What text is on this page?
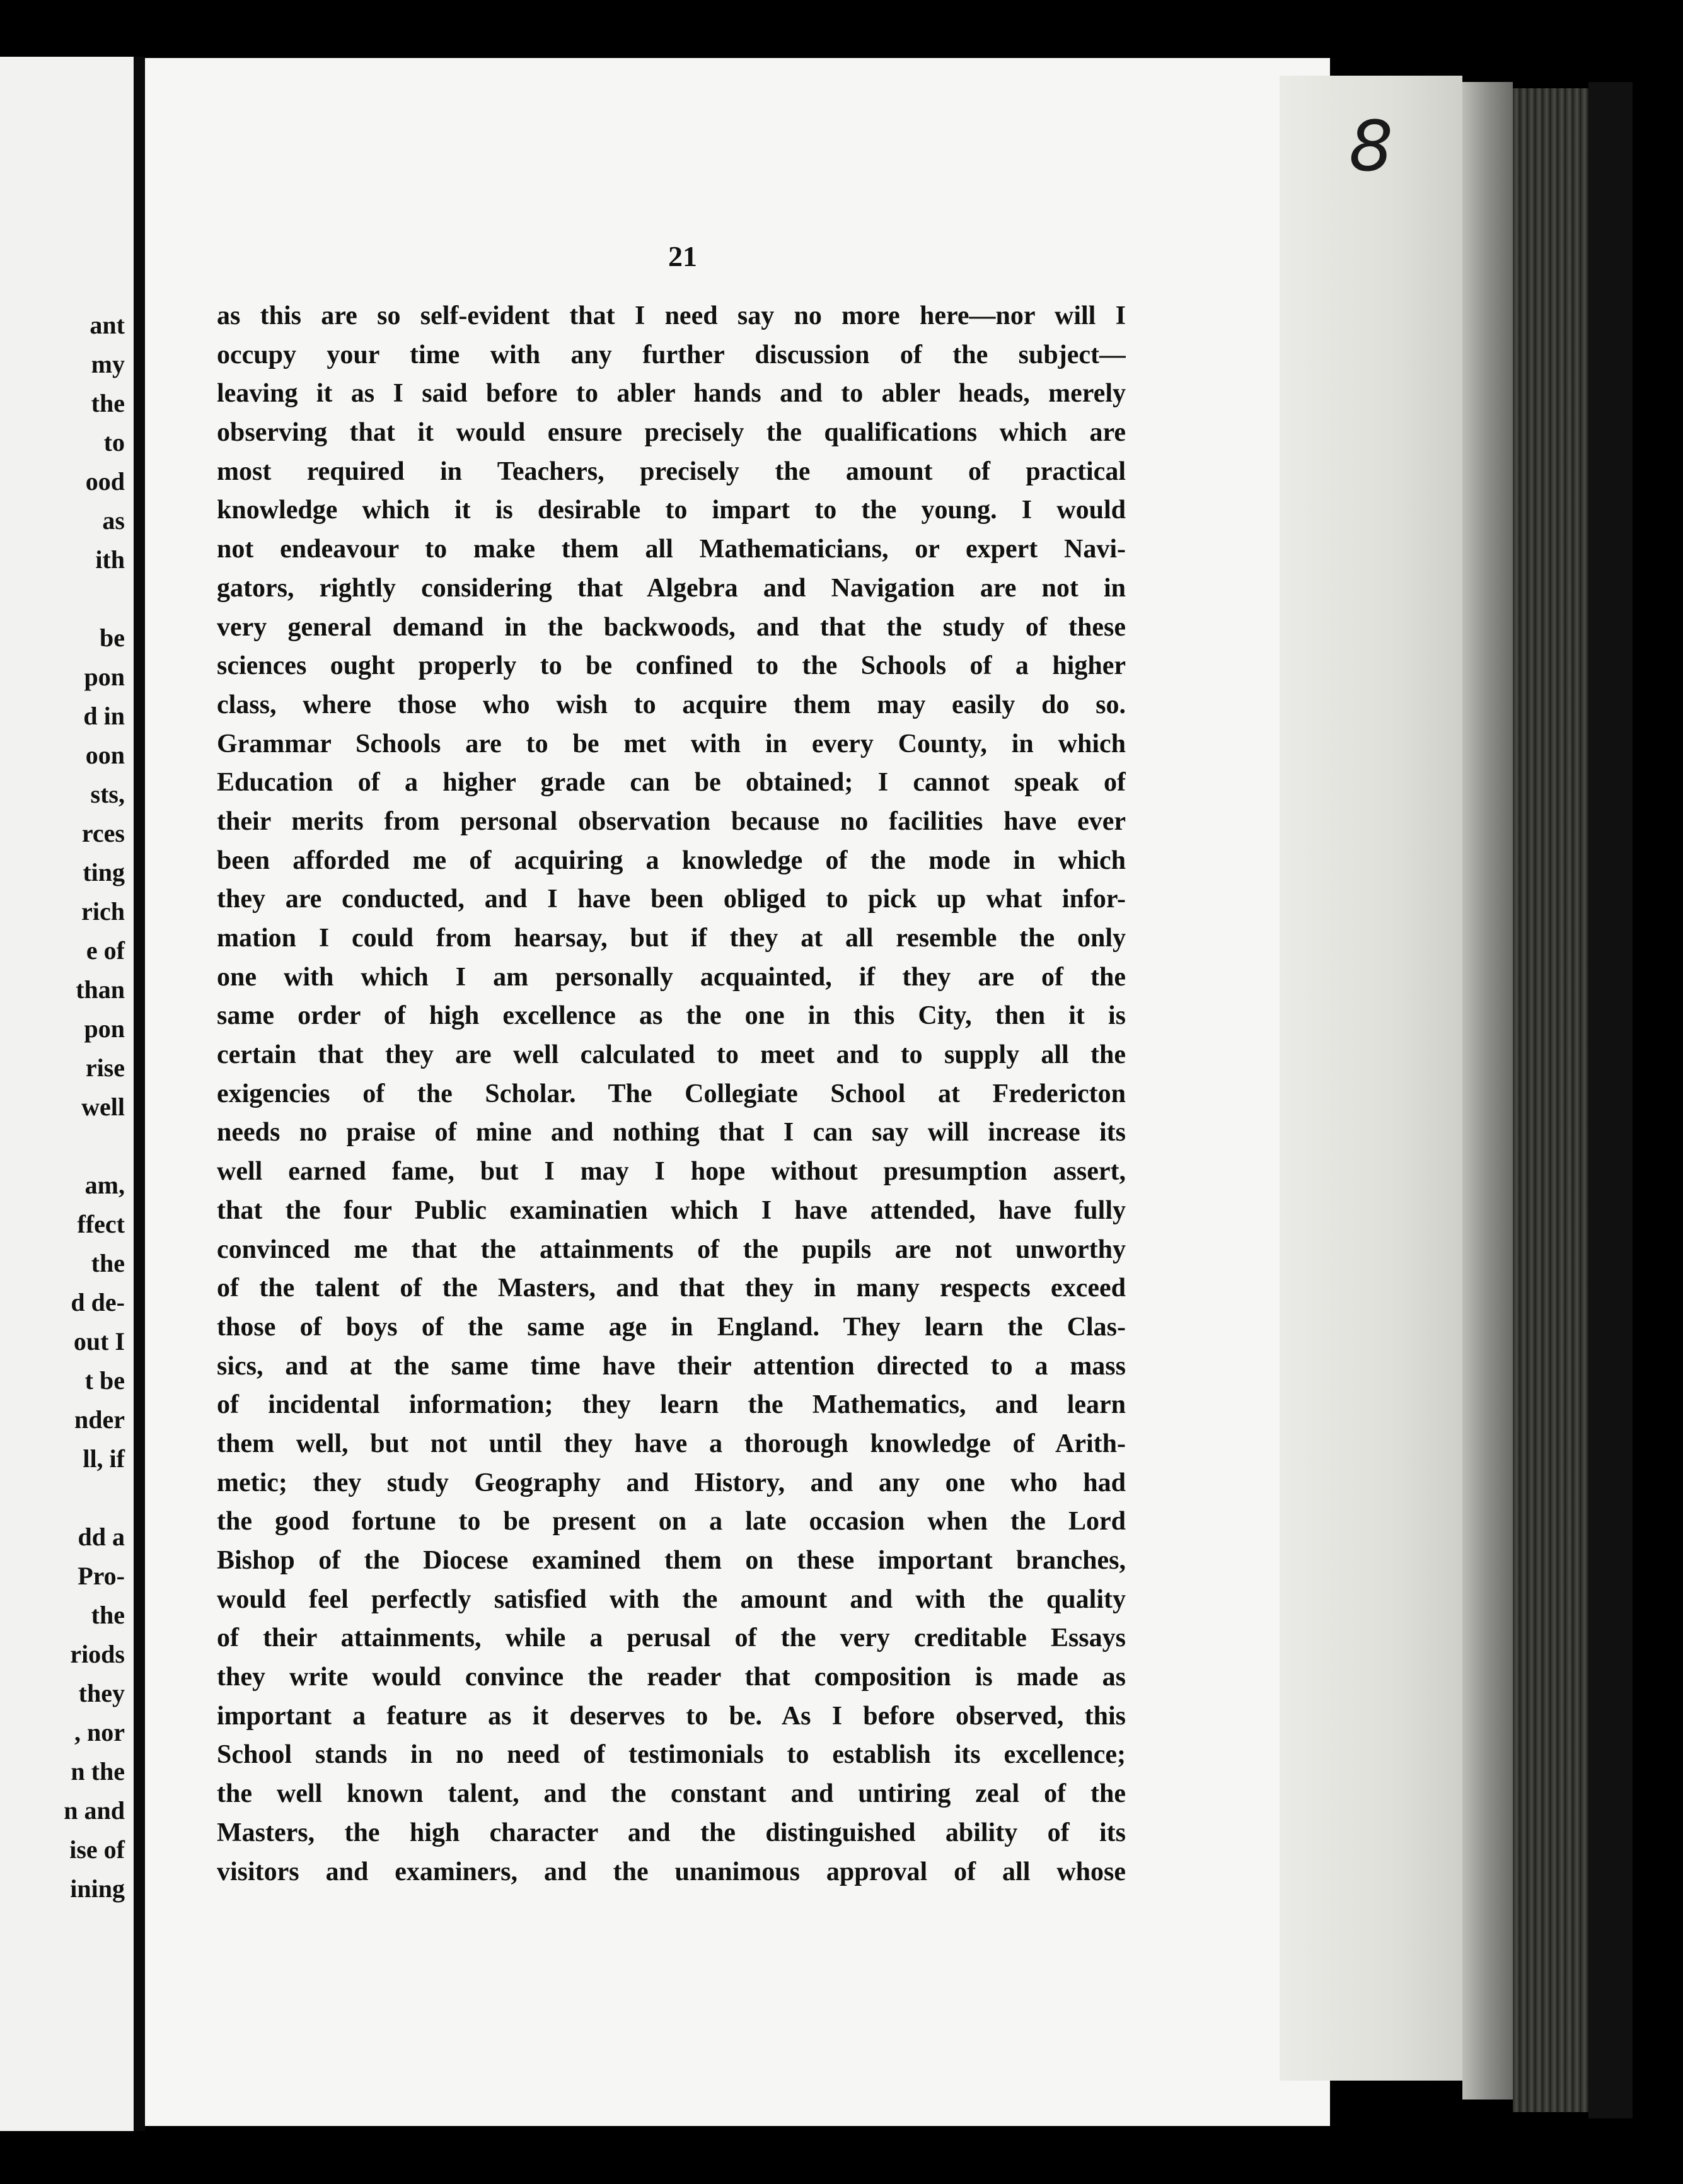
ant
my
the
to
ood
as
ith
be
pon
d in
oon
sts,
rces
ting
rich
e of
than
pon
rise
well
am,
ffect
the
d de-
out I
t be
nder
ll, if
dd a
Pro-
the
riods
they
, nor
n the
n and
ise of
ining
8
21
as this are so self-evident that I need say no more here—nor will I
occupy your time with any further discussion of the subject—
leaving it as I said before to abler hands and to abler heads, merely
observing that it would ensure precisely the qualifications which are
most required in Teachers, precisely the amount of practical
knowledge which it is desirable to impart to the young. I would
not endeavour to make them all Mathematicians, or expert Navi-
gators, rightly considering that Algebra and Navigation are not in
very general demand in the backwoods, and that the study of these
sciences ought properly to be confined to the Schools of a higher
class, where those who wish to acquire them may easily do so.
Grammar Schools are to be met with in every County, in which
Education of a higher grade can be obtained; I cannot speak of
their merits from personal observation because no facilities have ever
been afforded me of acquiring a knowledge of the mode in which
they are conducted, and I have been obliged to pick up what infor-
mation I could from hearsay, but if they at all resemble the only
one with which I am personally acquainted, if they are of the
same order of high excellence as the one in this City, then it is
certain that they are well calculated to meet and to supply all the
exigencies of the Scholar. The Collegiate School at Fredericton
needs no praise of mine and nothing that I can say will increase its
well earned fame, but I may I hope without presumption assert,
that the four Public examinatien which I have attended, have fully
convinced me that the attainments of the pupils are not unworthy
of the talent of the Masters, and that they in many respects exceed
those of boys of the same age in England. They learn the Clas-
sics, and at the same time have their attention directed to a mass
of incidental information; they learn the Mathematics, and learn
them well, but not until they have a thorough knowledge of Arith-
metic; they study Geography and History, and any one who had
the good fortune to be present on a late occasion when the Lord
Bishop of the Diocese examined them on these important branches,
would feel perfectly satisfied with the amount and with the quality
of their attainments, while a perusal of the very creditable Essays
they write would convince the reader that composition is made as
important a feature as it deserves to be. As I before observed, this
School stands in no need of testimonials to establish its excellence;
the well known talent, and the constant and untiring zeal of the
Masters, the high character and the distinguished ability of its
visitors and examiners, and the unanimous approval of all whose
